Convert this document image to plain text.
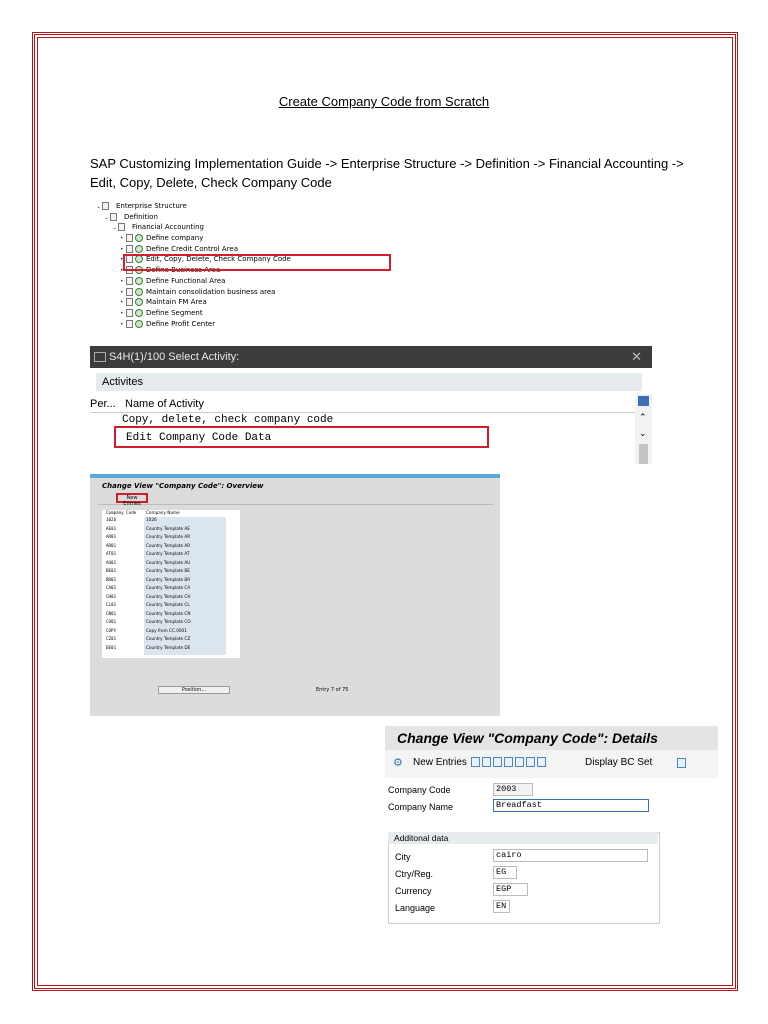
Create Company Code from Scratch
SAP Customizing Implementation Guide -> Enterprise Structure -> Definition -> Financial Accounting -> Edit, Copy, Delete, Check Company Code
⌄ Enterprise Structure
⌄ Definition
⌄ Financial Accounting
•	Define company
•	Define Credit Control Area
•	Edit, Copy, Delete, Check Company Code
•	Define Business Area
•	Define Functional Area
•	Maintain consolidation business area
•	Maintain FM Area
•	Define Segment
•	Define Profit Center
S4H(1)/100 Select Activity:	✕
Activites
Per... Name of Activity
Copy, delete, check company code
Edit Company Code Data
⌃
⌄
Change View "Company Code": Overview
New Entries
Company Code Company Name
1026	1026
AE01	Country Template AE
AR01	Country Template AR
AR01	Country Template AR
AT01	Country Template AT
AU01	Country Template AU
BE01	Country Template BE
BR01	Country Template BR
CA01	Country Template CA
CH01	Country Template CH
CL01	Country Template CL
CN01	Country Template CN
CO01	Country Template CO
COPY	Copy from CC.0001
CZ01	Country Template CZ
DE01	Country Template DE
Position...	Entry 7 of 75
Change View "Company Code": Details
⚙ New Entries	Display BC Set
Company Code	2003
Company Name	Breadfast
Additonal data
City	cairo
Ctry/Reg.	EG
Currency	EGP
Language	EN
